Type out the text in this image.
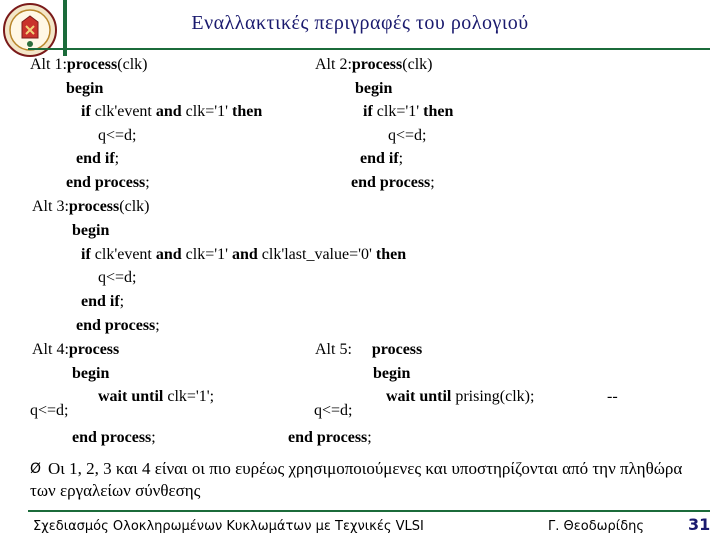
Εναλλακτικές περιγραφές του ρολογιού
Alt 1:process(clk)
begin
if clk'event and clk='1' then
q<=d;
end if;
end process;
Alt 2:process(clk)
begin
if clk='1' then
q<=d;
end if;
end process;
Alt 3:process(clk)
begin
if clk'event and clk='1' and clk'last_value='0' then
q<=d;
end if;
end process;
Alt 4:process
begin
wait until clk='1';
q<=d;
end process;
Alt 5: process
begin
wait until prising(clk);	--
q<=d;
end process;
Ø Οι 1, 2, 3 και 4 είναι οι πιο ευρέως χρησιμοποιούμενες και υποστηρίζονται από την πληθώρα των εργαλείων σύνθεσης
Σχεδιασμός Ολοκληρωμένων Κυκλωμάτων με Τεχνικές VLSI	Γ. Θεοδωρίδης	31
